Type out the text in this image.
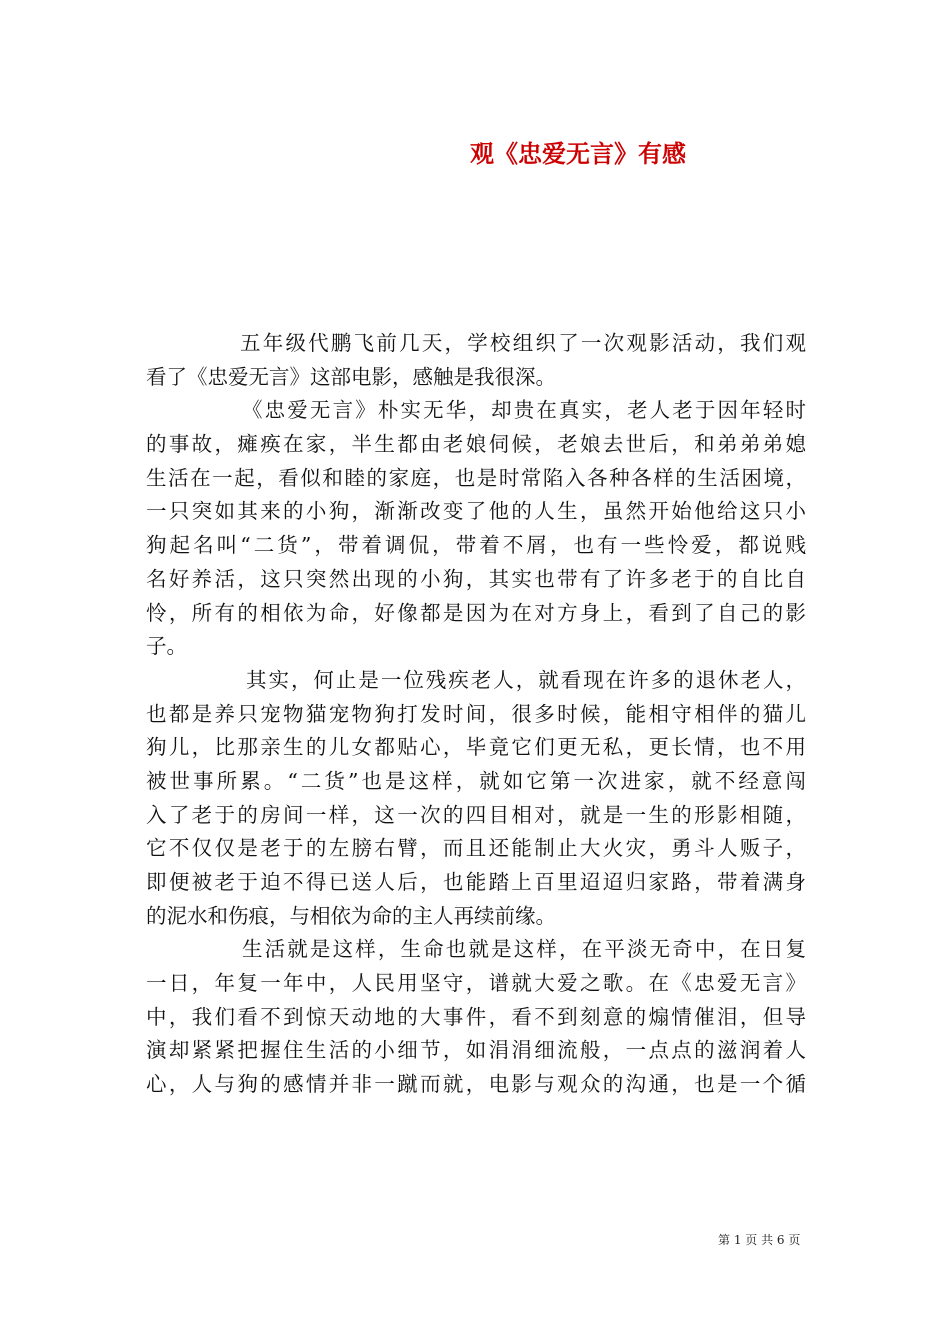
观《忠爱无言》有感
五年级代鹏飞前几天，学校组织了一次观影活动，我们观
看了《忠爱无言》这部电影，感触是我很深。
《忠爱无言》朴实无华，却贵在真实，老人老于因年轻时
的事故，瘫痪在家，半生都由老娘伺候，老娘去世后，和弟弟弟媳
生活在一起，看似和睦的家庭，也是时常陷入各种各样的生活困境，
一只突如其来的小狗，渐渐改变了他的人生，虽然开始他给这只小
狗起名叫“二货”，带着调侃，带着不屑，也有一些怜爱，都说贱
名好养活，这只突然出现的小狗，其实也带有了许多老于的自比自
怜，所有的相依为命，好像都是因为在对方身上，看到了自己的影
子。
其实，何止是一位残疾老人，就看现在许多的退休老人，
也都是养只宠物猫宠物狗打发时间，很多时候，能相守相伴的猫儿
狗儿，比那亲生的儿女都贴心，毕竟它们更无私，更长情，也不用
被世事所累。“二货”也是这样，就如它第一次进家，就不经意闯
入了老于的房间一样，这一次的四目相对，就是一生的形影相随，
它不仅仅是老于的左膀右臂，而且还能制止大火灾，勇斗人贩子，
即便被老于迫不得已送人后，也能踏上百里迢迢归家路，带着满身
的泥水和伤痕，与相依为命的主人再续前缘。
生活就是这样，生命也就是这样，在平淡无奇中，在日复
一日，年复一年中，人民用坚守，谱就大爱之歌。在《忠爱无言》
中，我们看不到惊天动地的大事件，看不到刻意的煽情催泪，但导
演却紧紧把握住生活的小细节，如涓涓细流般，一点点的滋润着人
心，人与狗的感情并非一蹴而就，电影与观众的沟通，也是一个循
第 1 页 共 6 页
